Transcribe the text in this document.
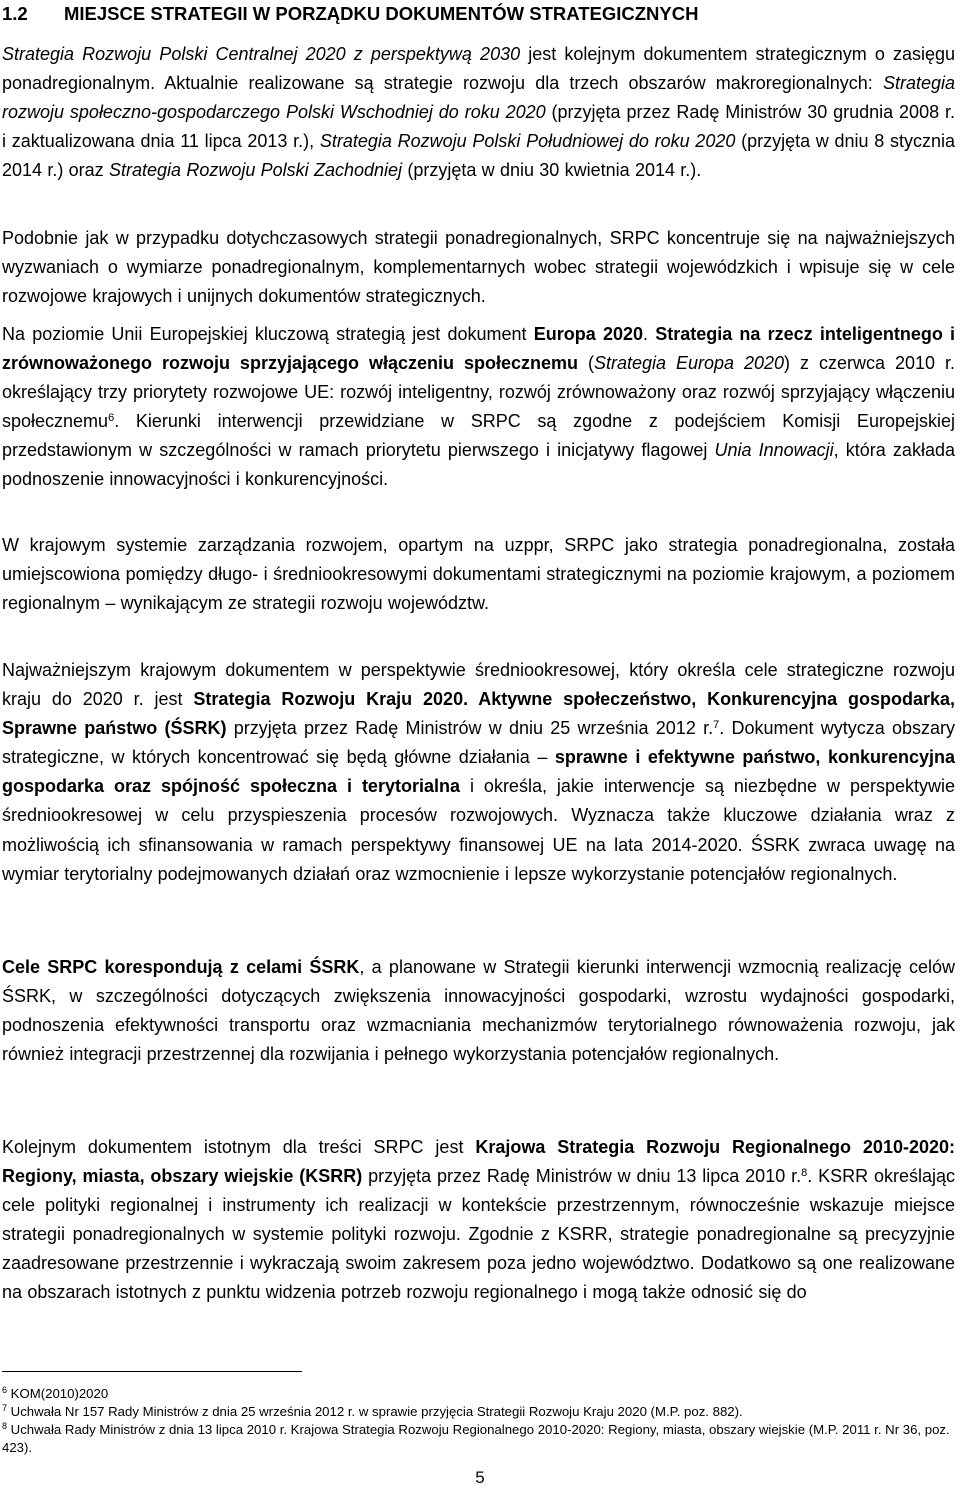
1.2 MIEJSCE STRATEGII W PORZĄDKU DOKUMENTÓW STRATEGICZNYCH

Strategia Rozwoju Polski Centralnej 2020 z perspektywą 2030 jest kolejnym dokumentem strategicznym o zasięgu ponadregionalnym. Aktualnie realizowane są strategie rozwoju dla trzech obszarów makroregionalnych: Strategia rozwoju społeczno-gospodarczego Polski Wschodniej do roku 2020 (przyjęta przez Radę Ministrów 30 grudnia 2008 r. i zaktualizowana dnia 11 lipca 2013 r.), Strategia Rozwoju Polski Południowej do roku 2020 (przyjęta w dniu 8 stycznia 2014 r.) oraz Strategia Rozwoju Polski Zachodniej (przyjęta w dniu 30 kwietnia 2014 r.).

Podobnie jak w przypadku dotychczasowych strategii ponadregionalnych, SRPC koncentruje się na najważniejszych wyzwaniach o wymiarze ponadregionalnym, komplementarnych wobec strategii wojewódzkich i wpisuje się w cele rozwojowe krajowych i unijnych dokumentów strategicznych.

Na poziomie Unii Europejskiej kluczową strategią jest dokument Europa 2020. Strategia na rzecz inteligentnego i zrównoważonego rozwoju sprzyjającego włączeniu społecznemu (Strategia Europa 2020) z czerwca 2010 r. określający trzy priorytety rozwojowe UE: rozwój inteligentny, rozwój zrównoważony oraz rozwój sprzyjający włączeniu społecznemu$^6$. Kierunki interwencji przewidziane w SRPC są zgodne z podejściem Komisji Europejskiej przedstawionym w szczególności w ramach priorytetu pierwszego i inicjatywy flagowej Unia Innowacji, która zakłada podnoszenie innowacyjności i konkurencyjności.

W krajowym systemie zarządzania rozwojem, opartym na uzppr, SRPC jako strategia ponadregionalna, została umiejscowiona pomiędzy długo- i średniookresowymi dokumentami strategicznymi na poziomie krajowym, a poziomem regionalnym – wynikającym ze strategii rozwoju województw.

Najważniejszym krajowym dokumentem w perspektywie średniookresowej, który określa cele strategiczne rozwoju kraju do 2020 r. jest Strategia Rozwoju Kraju 2020. Aktywne społeczeństwo, Konkurencyjna gospodarka, Sprawne państwo (ŚSRK) przyjęta przez Radę Ministrów w dniu 25 września 2012 r.$^7$. Dokument wytycza obszary strategiczne, w których koncentrować się będą główne działania – sprawne i efektywne państwo, konkurencyjna gospodarka oraz spójność społeczna i terytorialna i określa, jakie interwencje są niezbędne w perspektywie średniookresowej w celu przyspieszenia procesów rozwojowych. Wyznacza także kluczowe działania wraz z możliwością ich sfinansowania w ramach perspektywy finansowej UE na lata 2014-2020. ŚSRK zwraca uwagę na wymiar terytorialny podejmowanych działań oraz wzmocnienie i lepsze wykorzystanie potencjałów regionalnych.

Cele SRPC korespondują z celami ŚSRK, a planowane w Strategii kierunki interwencji wzmocnią realizację celów ŚSRK, w szczególności dotyczących zwiększenia innowacyjności gospodarki, wzrostu wydajności gospodarki, podnoszenia efektywności transportu oraz wzmacniania mechanizmów terytorialnego równoważenia rozwoju, jak również integracji przestrzennej dla rozwijania i pełnego wykorzystania potencjałów regionalnych.

Kolejnym dokumentem istotnym dla treści SRPC jest Krajowa Strategia Rozwoju Regionalnego 2010-2020: Regiony, miasta, obszary wiejskie (KSRR) przyjęta przez Radę Ministrów w dniu 13 lipca 2010 r.$^8$. KSRR określając cele polityki regionalnej i instrumenty ich realizacji w kontekście przestrzennym, równocześnie wskazuje miejsce strategii ponadregionalnych w systemie polityki rozwoju. Zgodnie z KSRR, strategie ponadregionalne są precyzyjnie zaadresowane przestrzennie i wykraczają swoim zakresem poza jedno województwo. Dodatkowo są one realizowane na obszarach istotnych z punktu widzenia potrzeb rozwoju regionalnego i mogą także odnosić się do

$^6$ KOM(2010)2020

$^7$ Uchwała Nr 157 Rady Ministrów z dnia 25 września 2012 r. w sprawie przyjęcia Strategii Rozwoju Kraju 2020 (M.P. poz. 882).

$^8$ Uchwała Rady Ministrów z dnia 13 lipca 2010 r. Krajowa Strategia Rozwoju Regionalnego 2010-2020: Regiony, miasta, obszary wiejskie (M.P. 2011 r. Nr 36, poz. 423).

5
